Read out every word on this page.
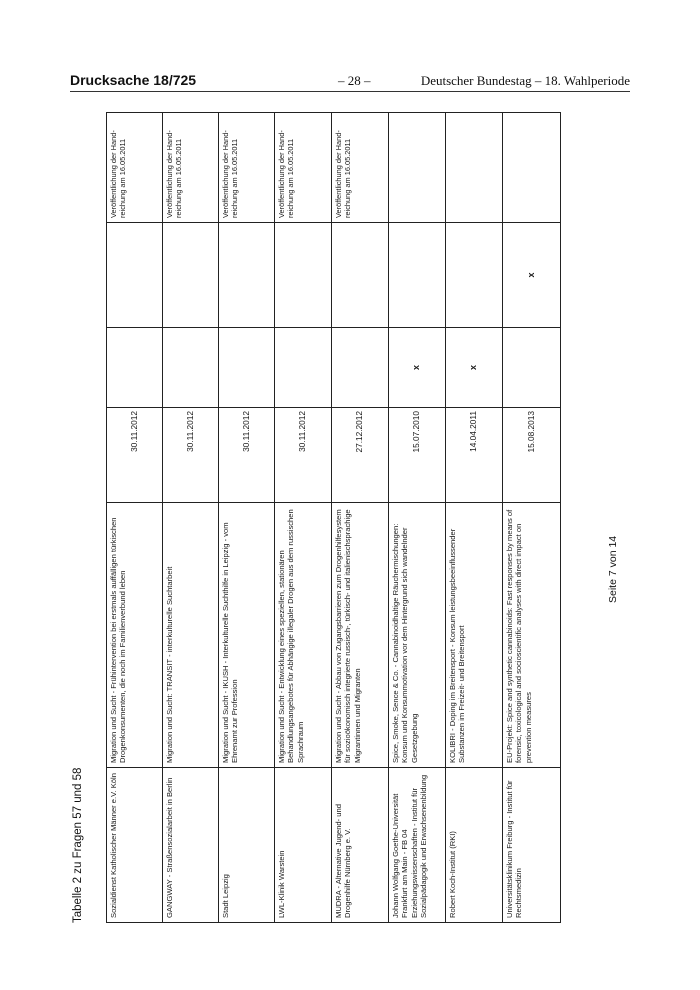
Drucksache 18/725	– 28 –	Deutscher Bundestag – 18. Wahlperiode
Tabelle 2 zu Fragen 57 und 58	Sozialdienst Katholischer Männer e.V. Köln	Migration und Sucht - Frühintervention bei erstmals auffälligen türkischen Drogenkonsumenten, die noch im Familienverbund leben	30.11.2012			Veröffentlichung der Hand-reichung am 16.05.2011
GANGWAY - Straßensozialarbeit in Berlin	Migration und Sucht: TRANSIT - interkulturelle Suchtarbeit	30.11.2012			Veröffentlichung der Hand-reichung am 16.05.2011
Stadt Leipzig	Migration und Sucht - IKUSH - Interkulturelle Suchthilfe in Leipzig - vom Ehrenamt zur Profession	30.11.2012			Veröffentlichung der Hand-reichung am 16.05.2011
LWL-Klinik Warstein	Migration und Sucht - Entwicklung eines speziellen, stationären Behandlungsangebotes für Abhängige illegaler Drogen aus dem russischen Sprachraum	30.11.2012			Veröffentlichung der Hand-reichung am 16.05.2011
MUDRA - Alternative Jugend- und Drogenhilfe Nürnberg e. V.	Migration und Sucht - Abbau von Zugangsbarrieren zum Drogenhilfesystem für sozioökonomisch integrierte russisch-, türkisch- und italienischsprachige Migrantinnen und Migranten	27.12.2012			Veröffentlichung der Hand-reichung am 16.05.2011
Johann Wolfgang Goethe-Universität Frankfurt am Main - FB 04 Erziehungswissenschaften - Institut für Sozialpädagogik und Erwachsenenbildung	Spice, Smoke, Sence & Co. - Cannabinoidhaltige Räuchermischungen: Konsum und Konsummotivation vor dem Hintergrund sich wandelnder Gesetzgebung	15.07.2010	x		
Robert Koch-Institut (RKI)	KOLIBRI - Doping im Breitensport - Konsum leistungsbeeinflussender Substanzen im Freizeit- und Breitensport	14.04.2011	x		
Universitätsklinikum Freiburg - Institut für Rechtsmedizin	EU-Projekt: Spice and synthetic cannabinoids: Fast responses by means of forensic, toxicological and socioscientific analyses with direct impact on prevention measures	15.08.2013		x	
Seite 7 von 14
